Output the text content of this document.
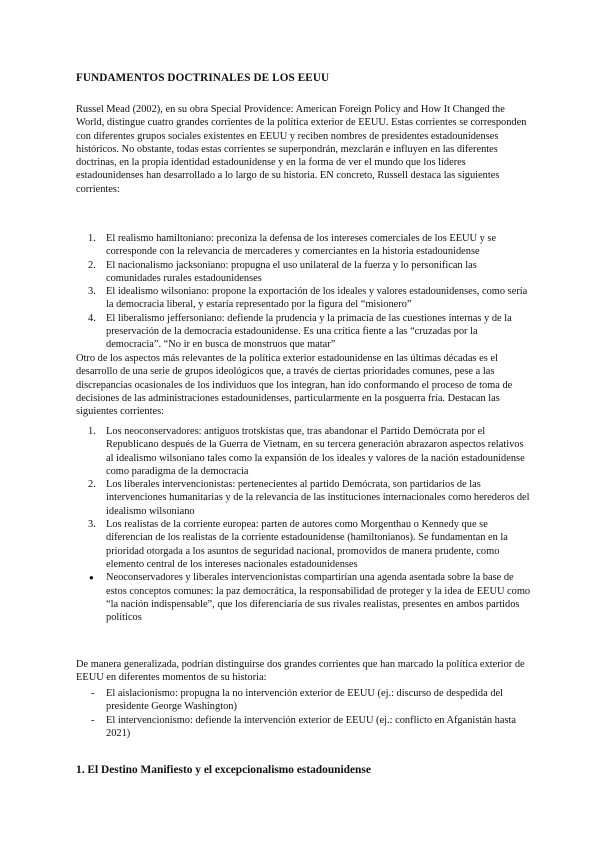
FUNDAMENTOS DOCTRINALES DE LOS EEUU

Russel Mead (2002), en su obra Special Providence: American Foreign Policy and How It Changed the World, distingue cuatro grandes corrientes de la política exterior de EEUU. Estas corrientes se corresponden con diferentes grupos sociales existentes en EEUU y reciben nombres de presidentes estadounidenses históricos. No obstante, todas estas corrientes se superpondrán, mezclarán e influyen en las diferentes doctrinas, en la propia identidad estadounidense y en la forma de ver el mundo que los líderes estadounidenses han desarrollado a lo largo de su historia. EN concreto, Russell destaca las siguientes corrientes:

1. El realismo hamiltoniano: preconiza la defensa de los intereses comerciales de los EEUU y se corresponde con la relevancia de mercaderes y comerciantes en la historia estadounidense
2. El nacionalismo jacksoniano: propugna el uso unilateral de la fuerza y lo personifican las comunidades rurales estadounidenses
3. El idealismo wilsoniano: propone la exportación de los ideales y valores estadounidenses, como sería la democracia liberal, y estaría representado por la figura del “misionero”
4. El liberalismo jeffersoniano: defiende la prudencia y la primacía de las cuestiones internas y de la preservación de la democracia estadounidense. Es una crítica fiente a las “cruzadas por la democracia”. “No ir en busca de monstruos que matar”

Otro de los aspectos más relevantes de la política exterior estadounidense en las últimas décadas es el desarrollo de una serie de grupos ideológicos que, a través de ciertas prioridades comunes, pese a las discrepancias ocasionales de los individuos que los integran, han ido conformando el proceso de toma de decisiones de las administraciones estadounidenses, particularmente en la posguerra fría. Destacan las siguientes corrientes:

1. Los neoconservadores: antiguos trotskistas que, tras abandonar el Partido Demócrata por el Republicano después de la Guerra de Vietnam, en su tercera generación abrazaron aspectos relativos al idealismo wilsoniano tales como la expansión de los ideales y valores de la nación estadounidense como paradigma de la democracia
2. Los liberales intervencionistas: pertenecientes al partido Demócrata, son partidarios de las intervenciones humanitarias y de la relevancia de las instituciones internacionales como herederos del idealismo wilsoniano
3. Los realistas de la corriente europea: parten de autores como Morgenthau o Kennedy que se diferencian de los realistas de la corriente estadounidense (hamiltonianos). Se fundamentan en la prioridad otorgada a los asuntos de seguridad nacional, promovidos de manera prudente, como elemento central de los intereses nacionales estadounidenses
● Neoconservadores y liberales intervencionistas compartirían una agenda asentada sobre la base de estos conceptos comunes: la paz democrática, la responsabilidad de proteger y la idea de EEUU como “la nación indispensable”, que los diferenciaría de sus rivales realistas, presentes en ambos partidos políticos

De manera generalizada, podrían distinguirse dos grandes corrientes que han marcado la política exterior de EEUU en diferentes momentos de su historia:

- El aislacionismo: propugna la no intervención exterior de EEUU (ej.: discurso de despedida del presidente George Washington)
- El intervencionismo: defiende la intervención exterior de EEUU (ej.: conflicto en Afganistán hasta 2021)
1. El Destino Manifiesto y el excepcionalismo estadounidense
